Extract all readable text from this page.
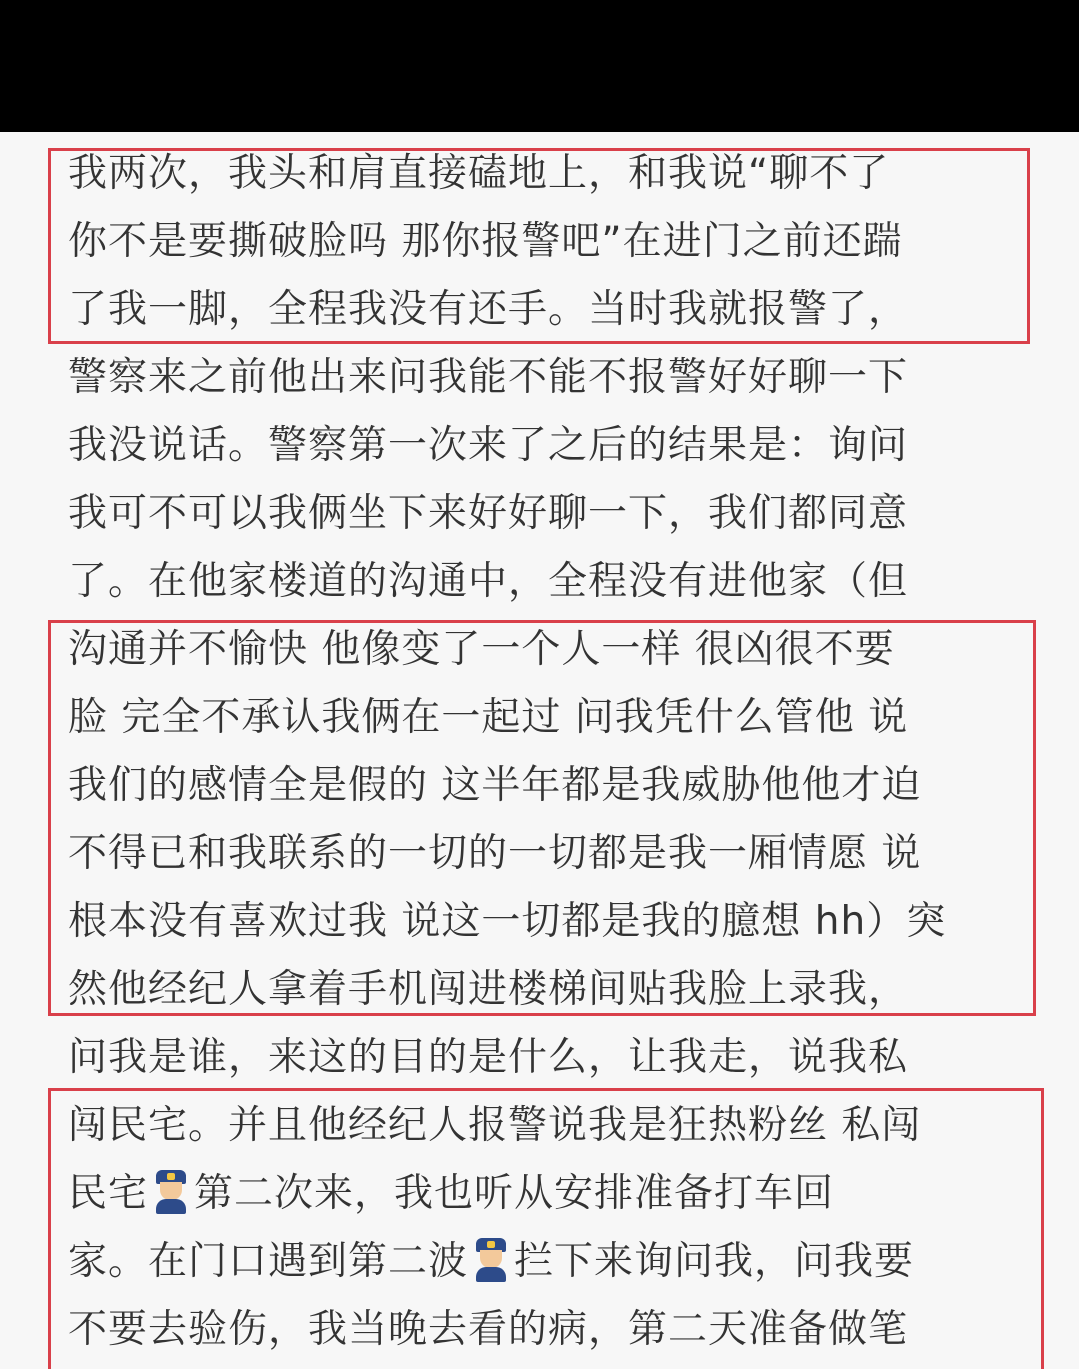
我两次，我头和肩直接磕地上，和我说“聊不了
你不是要撕破脸吗 那你报警吧”在进门之前还踹
了我一脚，全程我没有还手。当时我就报警了，
警察来之前他出来问我能不能不报警好好聊一下
我没说话。警察第一次来了之后的结果是：询问
我可不可以我俩坐下来好好聊一下，我们都同意
了。在他家楼道的沟通中，全程没有进他家（但
沟通并不愉快 他像变了一个人一样 很凶很不要
脸 完全不承认我俩在一起过 问我凭什么管他 说
我们的感情全是假的 这半年都是我威胁他他才迫
不得已和我联系的一切的一切都是我一厢情愿 说
根本没有喜欢过我 说这一切都是我的臆想 hh）突
然他经纪人拿着手机闯进楼梯间贴我脸上录我，
问我是谁，来这的目的是什么，让我走，说我私
闯民宅。并且他经纪人报警说我是狂热粉丝 私闯
民宅 第二次来，我也听从安排准备打车回
家。在门口遇到第二波 拦下来询问我，问我要
不要去验伤，我当晚去看的病，第二天准备做笔
